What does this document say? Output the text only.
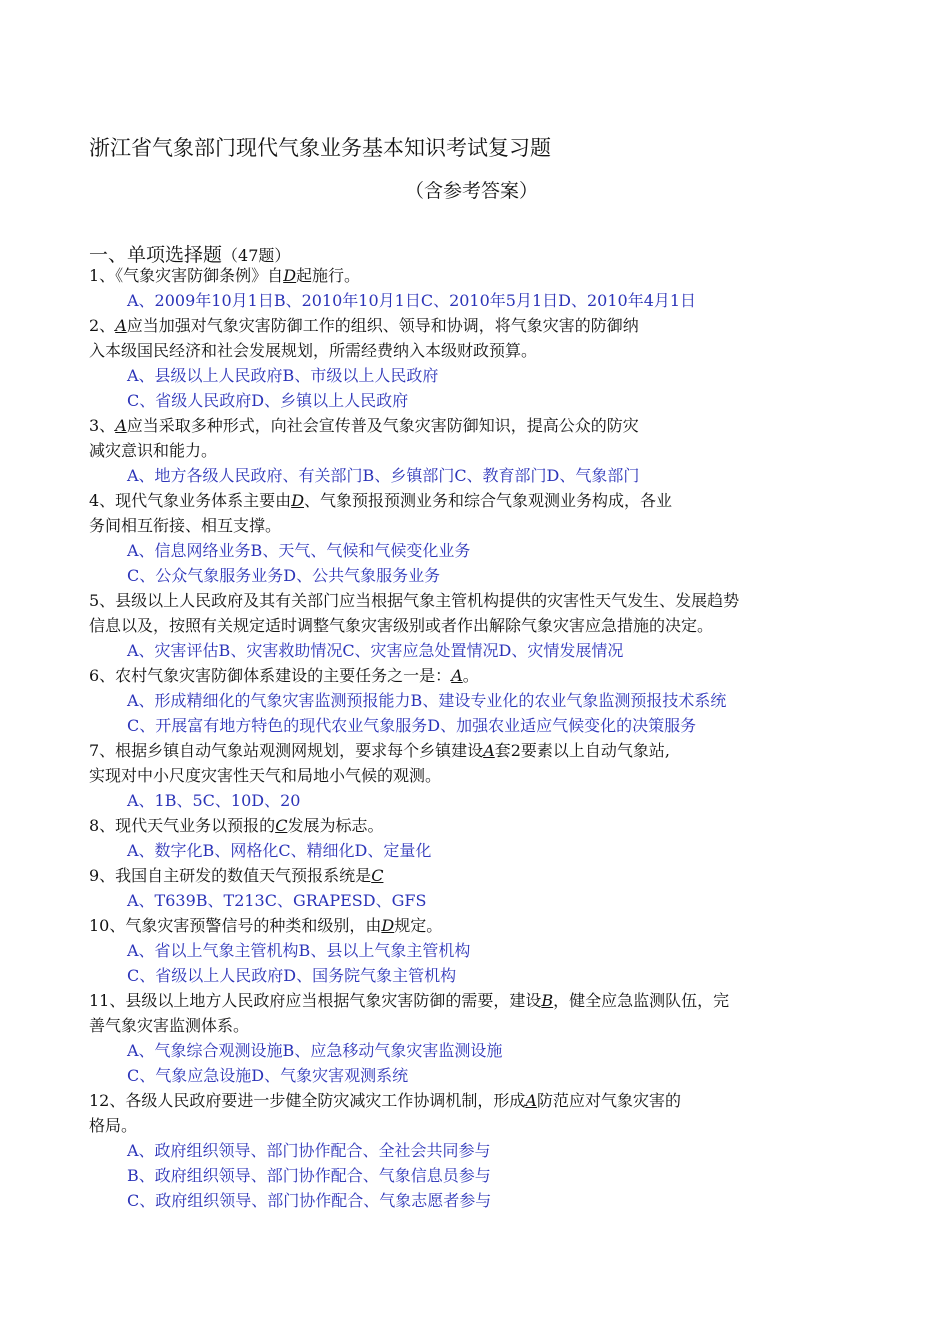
浙江省气象部门现代气象业务基本知识考试复习题
（含参考答案）
一、单项选择题（47题）
1、《气象灾害防御条例》自D起施行。
A、2009年10月1日B、2010年10月1日C、2010年5月1日D、2010年4月1日
2、A应当加强对气象灾害防御工作的组织、领导和协调，将气象灾害的防御纳
入本级国民经济和社会发展规划，所需经费纳入本级财政预算。
A、县级以上人民政府B、市级以上人民政府
C、省级人民政府D、乡镇以上人民政府
3、A应当采取多种形式，向社会宣传普及气象灾害防御知识，提高公众的防灾
减灾意识和能力。
A、地方各级人民政府、有关部门B、乡镇部门C、教育部门D、气象部门
4、现代气象业务体系主要由D、气象预报预测业务和综合气象观测业务构成，各业
务间相互衔接、相互支撑。
A、信息网络业务B、天气、气候和气候变化业务
C、公众气象服务业务D、公共气象服务业务
5、县级以上人民政府及其有关部门应当根据气象主管机构提供的灾害性天气发生、发展趋势
信息以及，按照有关规定适时调整气象灾害级别或者作出解除气象灾害应急措施的决定。
A、灾害评估B、灾害救助情况C、灾害应急处置情况D、灾情发展情况
6、农村气象灾害防御体系建设的主要任务之一是：A。
A、形成精细化的气象灾害监测预报能力B、建设专业化的农业气象监测预报技术系统
C、开展富有地方特色的现代农业气象服务D、加强农业适应气候变化的决策服务
7、根据乡镇自动气象站观测网规划，要求每个乡镇建设A套2要素以上自动气象站,
实现对中小尺度灾害性天气和局地小气候的观测。
A、1B、5C、10D、20
8、现代天气业务以预报的C发展为标志。
A、数字化B、网格化C、精细化D、定量化
9、我国自主研发的数值天气预报系统是C
A、T639B、T213C、GRAPESD、GFS
10、气象灾害预警信号的种类和级别，由D规定。
A、省以上气象主管机构B、县以上气象主管机构
C、省级以上人民政府D、国务院气象主管机构
11、县级以上地方人民政府应当根据气象灾害防御的需要，建设B，健全应急监测队伍，完
善气象灾害监测体系。
A、气象综合观测设施B、应急移动气象灾害监测设施
C、气象应急设施D、气象灾害观测系统
12、各级人民政府要进一步健全防灾减灾工作协调机制，形成A防范应对气象灾害的
格局。
A、政府组织领导、部门协作配合、全社会共同参与
B、政府组织领导、部门协作配合、气象信息员参与
C、政府组织领导、部门协作配合、气象志愿者参与
